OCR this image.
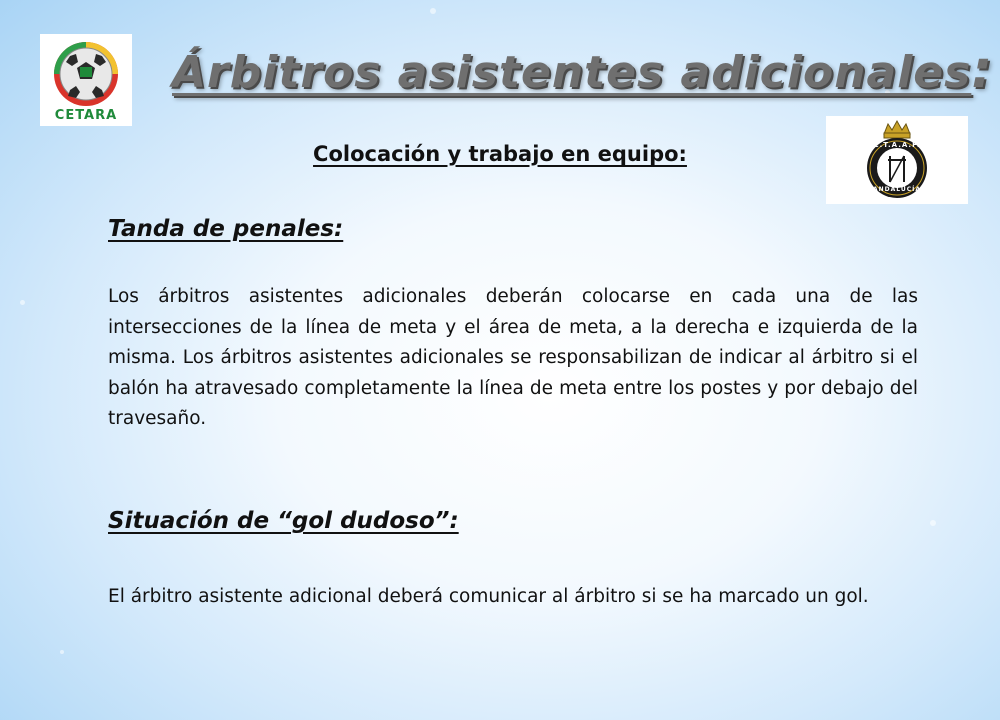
CETARA
Árbitros asistentes adicionales:
C.T.A.A.F.
ANDALUCÍA
Colocación y trabajo en equipo:
Tanda de penales:
Los árbitros asistentes adicionales deberán colocarse en cada una de las intersecciones de la línea de meta y el área de meta, a la derecha e izquierda de la misma. Los árbitros asistentes adicionales se responsabilizan de indicar al árbitro si el balón ha atravesado completamente la línea de meta entre los postes y por debajo del travesaño.
Situación de “gol dudoso”:
El árbitro asistente adicional deberá comunicar al árbitro si se ha marcado un gol.
